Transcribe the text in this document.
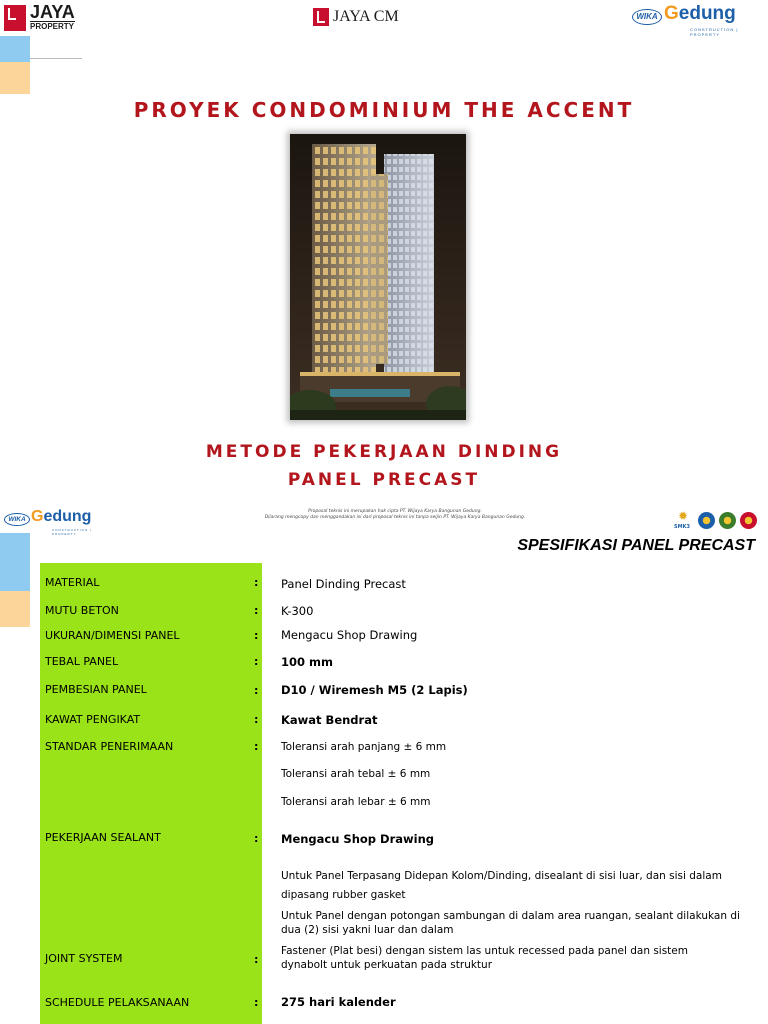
JAYA
PROPERTY
JAYA CM	WIKA Gedung
CONSTRUCTION | PROPERTY
PROYEK CONDOMINIUM THE ACCENT
METODE PEKERJAAN DINDING
PANEL PRECAST
WIKA Gedung
CONSTRUCTION | PROPERTY
Proposal teknis ini merupakan hak cipta PT. Wijaya Karya Bangunan Gedung.
Dilarang mengcopy dan menggandakan isi dari proposal teknis ini tanpa seijin PT. Wijaya Karya Bangunan Gedung.	✹
SMK3
SPESIFIKASI PANEL PRECAST
MATERIAL	: Panel Dinding Precast
MUTU BETON	: K-300
UKURAN/DIMENSI PANEL	: Mengacu Shop Drawing
TEBAL PANEL	: 100 mm
PEMBESIAN PANEL	: D10 / Wiremesh M5 (2 Lapis)
KAWAT PENGIKAT	: Kawat Bendrat
STANDAR PENERIMAAN	: Toleransi arah panjang ± 6 mm
Toleransi arah tebal ± 6 mm
Toleransi arah lebar ± 6 mm
PEKERJAAN SEALANT	: Mengacu Shop Drawing
Untuk Panel Terpasang Didepan Kolom/Dinding, disealant di sisi luar, dan sisi dalam dipasang rubber gasket
Untuk Panel dengan potongan sambungan di dalam area ruangan, sealant dilakukan di dua (2) sisi yakni luar dan dalam
JOINT SYSTEM	:
Fastener (Plat besi) dengan sistem las untuk recessed pada panel dan sistem dynabolt untuk perkuatan pada struktur
SCHEDULE PELAKSANAAN	: 275 hari kalender
